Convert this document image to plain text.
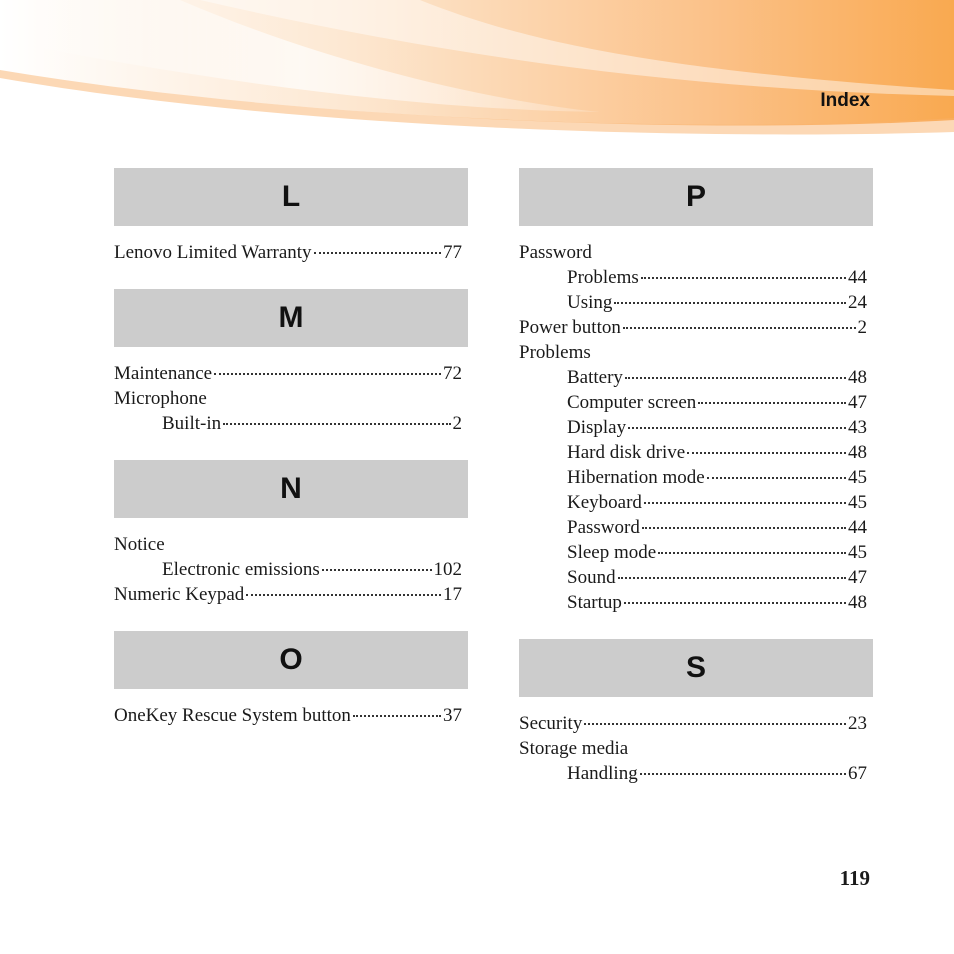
Index
L
Lenovo Limited Warranty	77
M
Maintenance	72
Microphone
Built-in	2
N
Notice
Electronic emissions	102
Numeric Keypad	17
O
OneKey Rescue System button	37
P
Password
Problems	44
Using	24
Power button	2
Problems
Battery	48
Computer screen	47
Display	43
Hard disk drive	48
Hibernation mode	45
Keyboard	45
Password	44
Sleep mode	45
Sound	47
Startup	48
S
Security	23
Storage media
Handling	67
119
